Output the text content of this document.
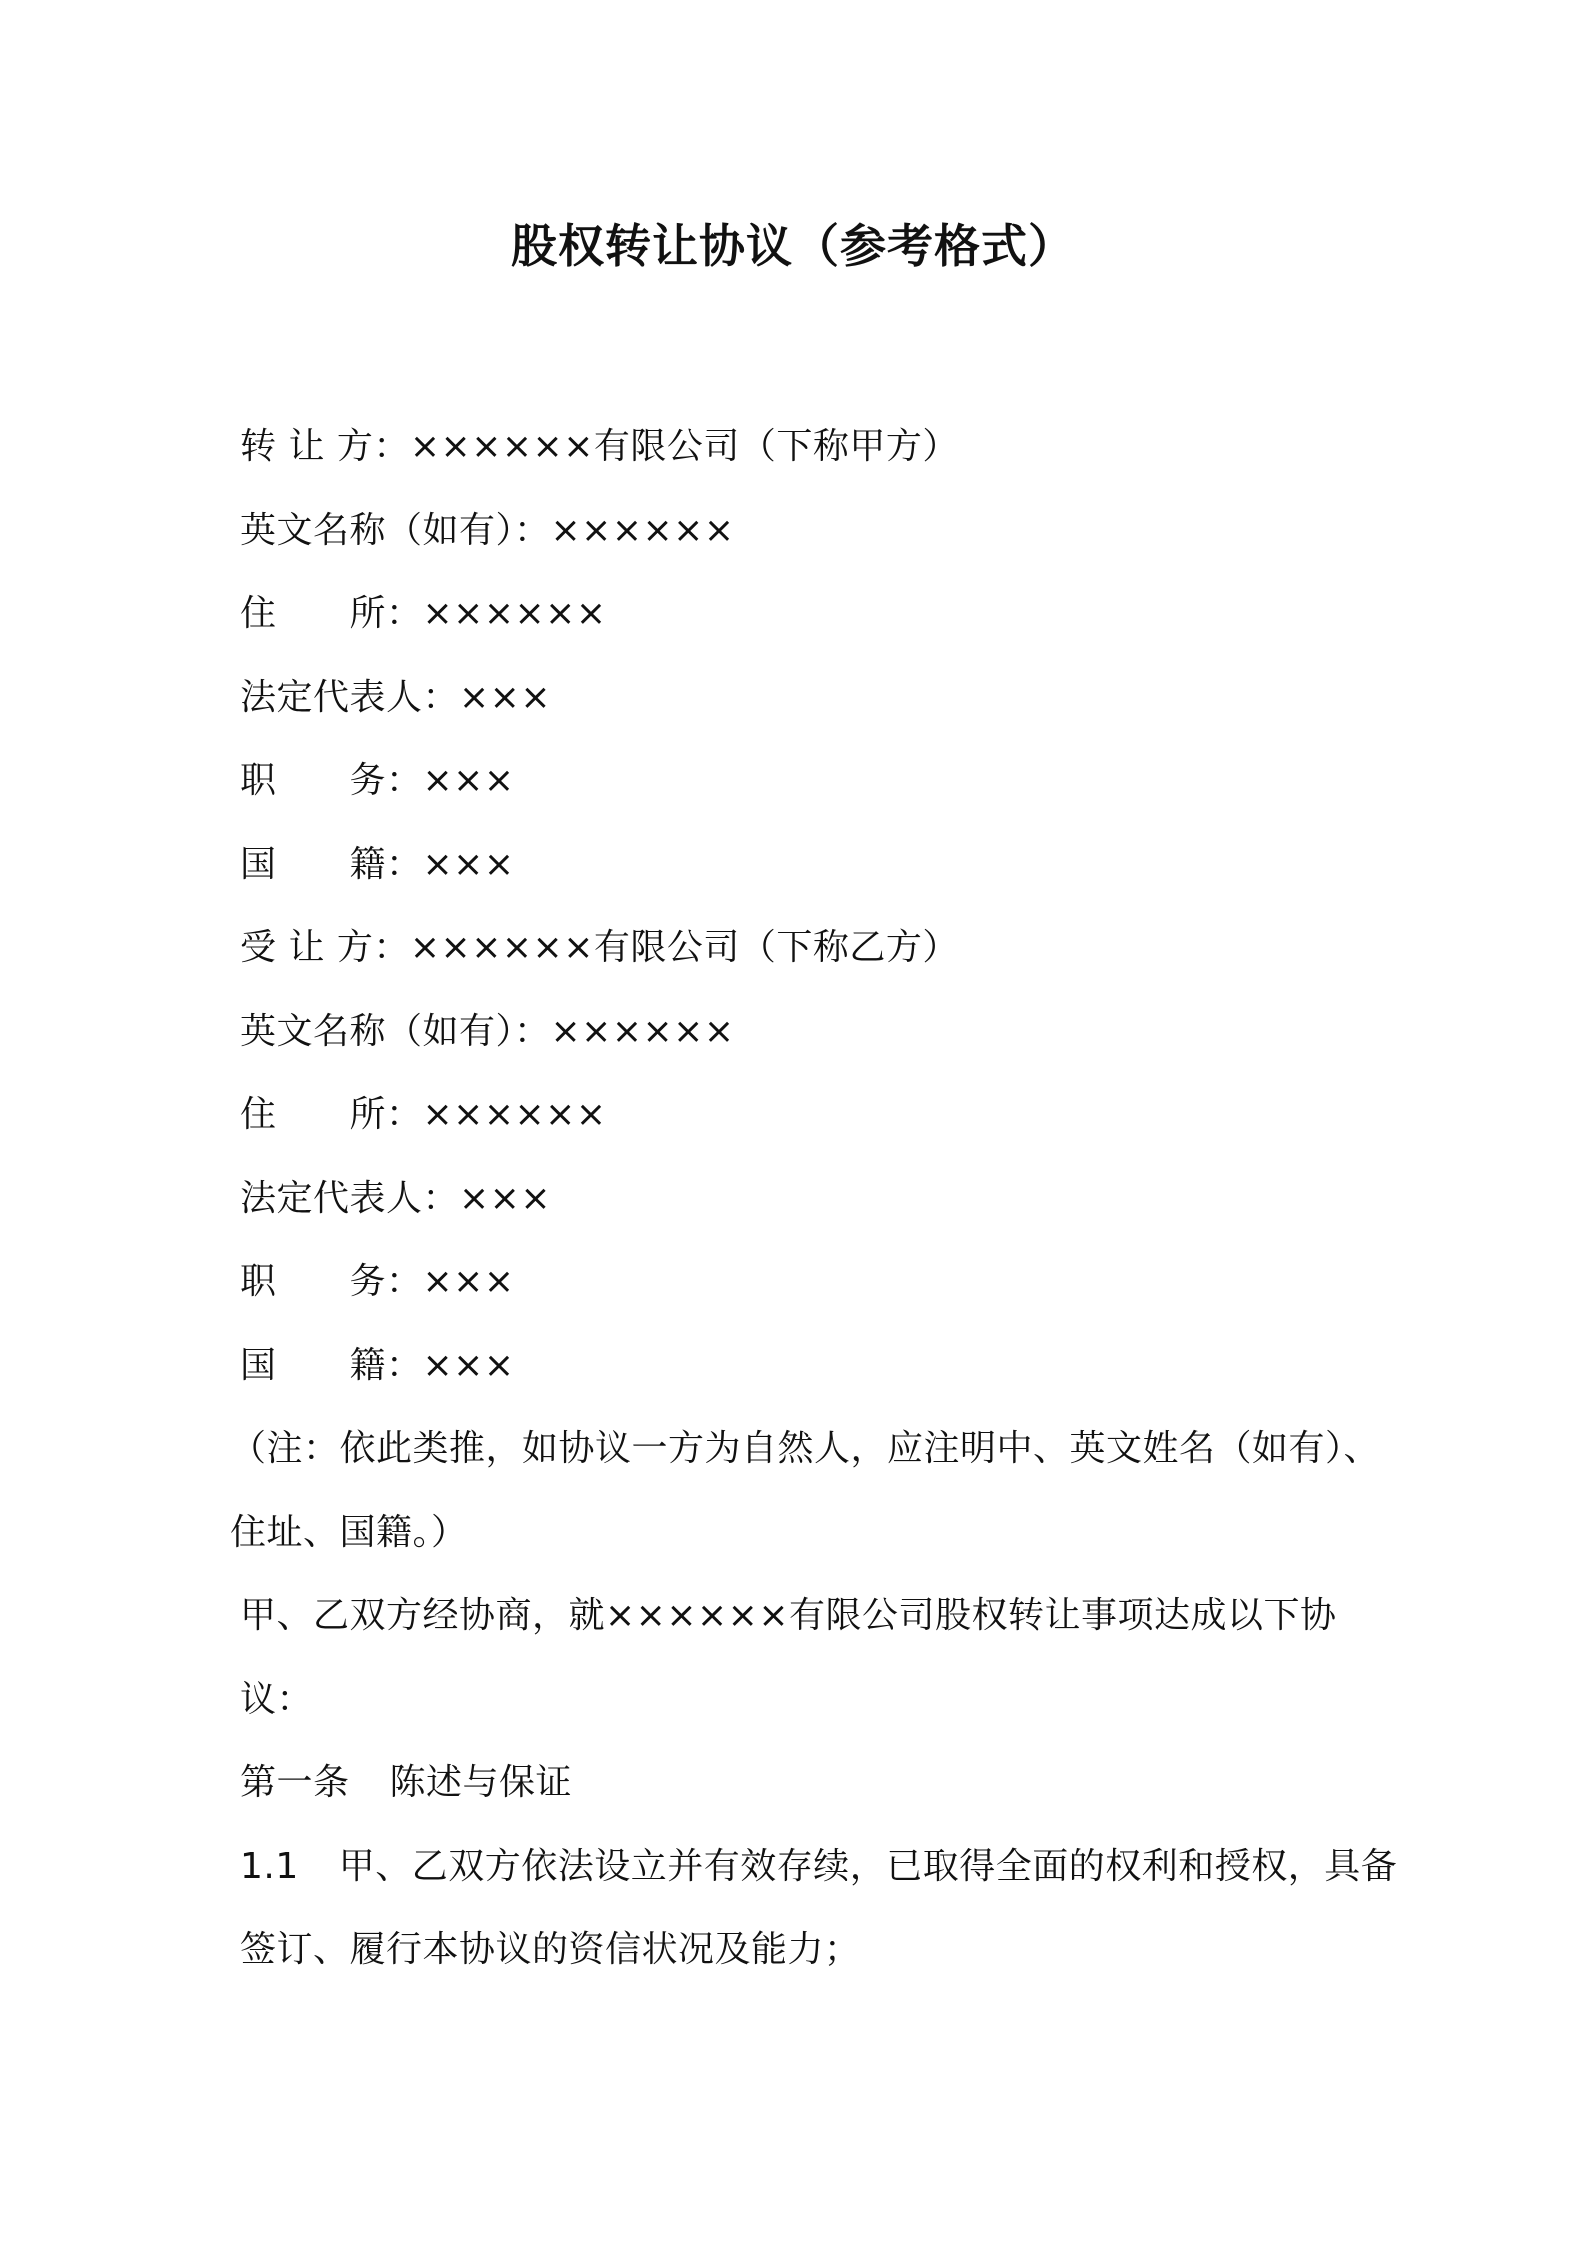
股权转让协议（参考格式）
转 让 方：××××××有限公司（下称甲方）
英文名称（如有）：××××××
住　　所：××××××
法定代表人：×××
职　　务：×××
国　　籍：×××
受 让 方：××××××有限公司（下称乙方）
英文名称（如有）：××××××
住　　所：××××××
法定代表人：×××
职　　务：×××
国　　籍：×××
（注：依此类推，如协议一方为自然人，应注明中、英文姓名（如有）、住址、国籍。）
甲、乙双方经协商，就××××××有限公司股权转让事项达成以下协议：
第一条 陈述与保证
1.1 甲、乙双方依法设立并有效存续，已取得全面的权利和授权，具备签订、履行本协议的资信状况及能力；
